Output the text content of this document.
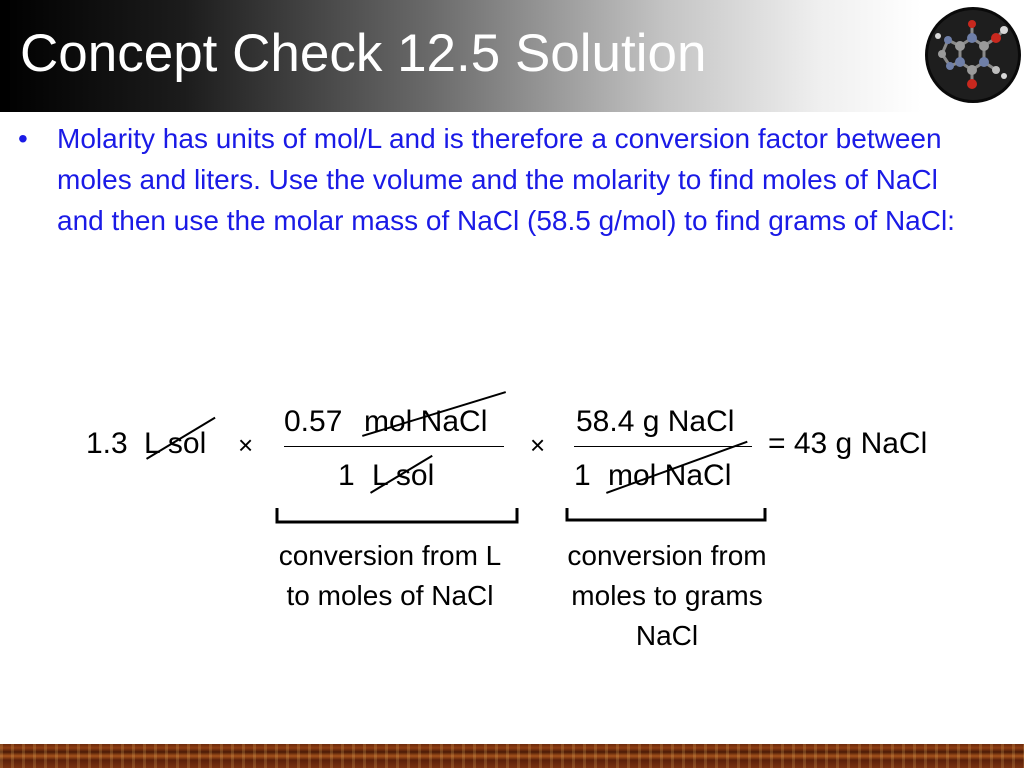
Concept Check 12.5 Solution
• Molarity has units of mol/L and is therefore a conversion factor between moles and liters. Use the volume and the molarity to find moles of NaCl and then use the molar mass of NaCl (58.5 g/mol) to find grams of NaCl:
1.3 L sol ×
0.57 mol NaCl
1 L sol
×
58.4 g NaCl
1 mol NaCl
= 43 g NaCl
conversion from L to moles of NaCl
conversion from moles to grams NaCl
